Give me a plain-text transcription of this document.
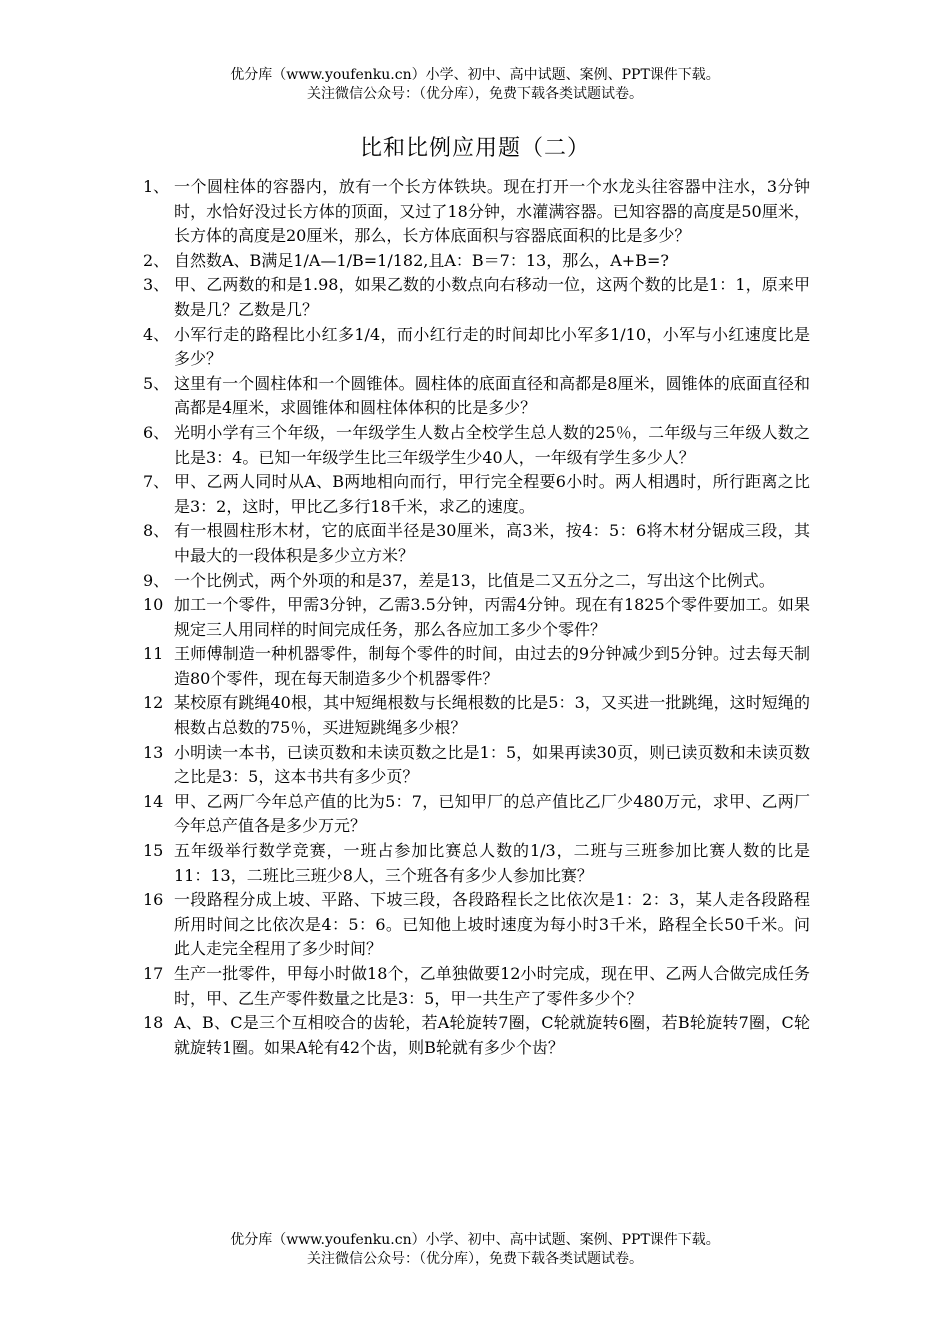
优分库（www.youfenku.cn）小学、初中、高中试题、案例、PPT课件下载。
关注微信公众号：（优分库），免费下载各类试题试卷。
比和比例应用题（二）
1、 一个圆柱体的容器内，放有一个长方体铁块。现在打开一个水龙头往容器中注水，3分钟时，水恰好没过长方体的顶面，又过了18分钟，水灌满容器。已知容器的高度是50厘米，长方体的高度是20厘米，那么，长方体底面积与容器底面积的比是多少？
2、 自然数A、B满足1/A—1/B=1/182,且A：B＝7：13，那么，A+B=?
3、 甲、乙两数的和是1.98，如果乙数的小数点向右移动一位，这两个数的比是1：1，原来甲数是几？乙数是几？
4、 小军行走的路程比小红多1/4，而小红行走的时间却比小军多1/10，小军与小红速度比是多少？
5、 这里有一个圆柱体和一个圆锥体。圆柱体的底面直径和高都是8厘米，圆锥体的底面直径和高都是4厘米，求圆锥体和圆柱体体积的比是多少？
6、 光明小学有三个年级，一年级学生人数占全校学生总人数的25％，二年级与三年级人数之比是3：4。已知一年级学生比三年级学生少40人，一年级有学生多少人？
7、 甲、乙两人同时从A、B两地相向而行，甲行完全程要6小时。两人相遇时，所行距离之比是3：2，这时，甲比乙多行18千米，求乙的速度。
8、 有一根圆柱形木材，它的底面半径是30厘米，高3米，按4：5：6将木材分锯成三段，其中最大的一段体积是多少立方米？
9、 一个比例式，两个外项的和是37，差是13，比值是二又五分之二，写出这个比例式。
10 加工一个零件，甲需3分钟，乙需3.5分钟，丙需4分钟。现在有1825个零件要加工。如果规定三人用同样的时间完成任务，那么各应加工多少个零件？
11 王师傅制造一种机器零件，制每个零件的时间，由过去的9分钟减少到5分钟。过去每天制造80个零件，现在每天制造多少个机器零件？
12 某校原有跳绳40根，其中短绳根数与长绳根数的比是5：3，又买进一批跳绳，这时短绳的根数占总数的75％，买进短跳绳多少根？
13 小明读一本书，已读页数和未读页数之比是1：5，如果再读30页，则已读页数和未读页数之比是3：5，这本书共有多少页？
14 甲、乙两厂今年总产值的比为5：7，已知甲厂的总产值比乙厂少480万元，求甲、乙两厂今年总产值各是多少万元？
15 五年级举行数学竞赛，一班占参加比赛总人数的1/3，二班与三班参加比赛人数的比是11：13，二班比三班少8人，三个班各有多少人参加比赛？
16 一段路程分成上坡、平路、下坡三段，各段路程长之比依次是1：2：3，某人走各段路程所用时间之比依次是4：5：6。已知他上坡时速度为每小时3千米，路程全长50千米。问此人走完全程用了多少时间？
17 生产一批零件，甲每小时做18个，乙单独做要12小时完成，现在甲、乙两人合做完成任务时，甲、乙生产零件数量之比是3：5，甲一共生产了零件多少个？
18 A、B、C是三个互相咬合的齿轮，若A轮旋转7圈，C轮就旋转6圈，若B轮旋转7圈，C轮就旋转1圈。如果A轮有42个齿，则B轮就有多少个齿？
优分库（www.youfenku.cn）小学、初中、高中试题、案例、PPT课件下载。
关注微信公众号：（优分库），免费下载各类试题试卷。
